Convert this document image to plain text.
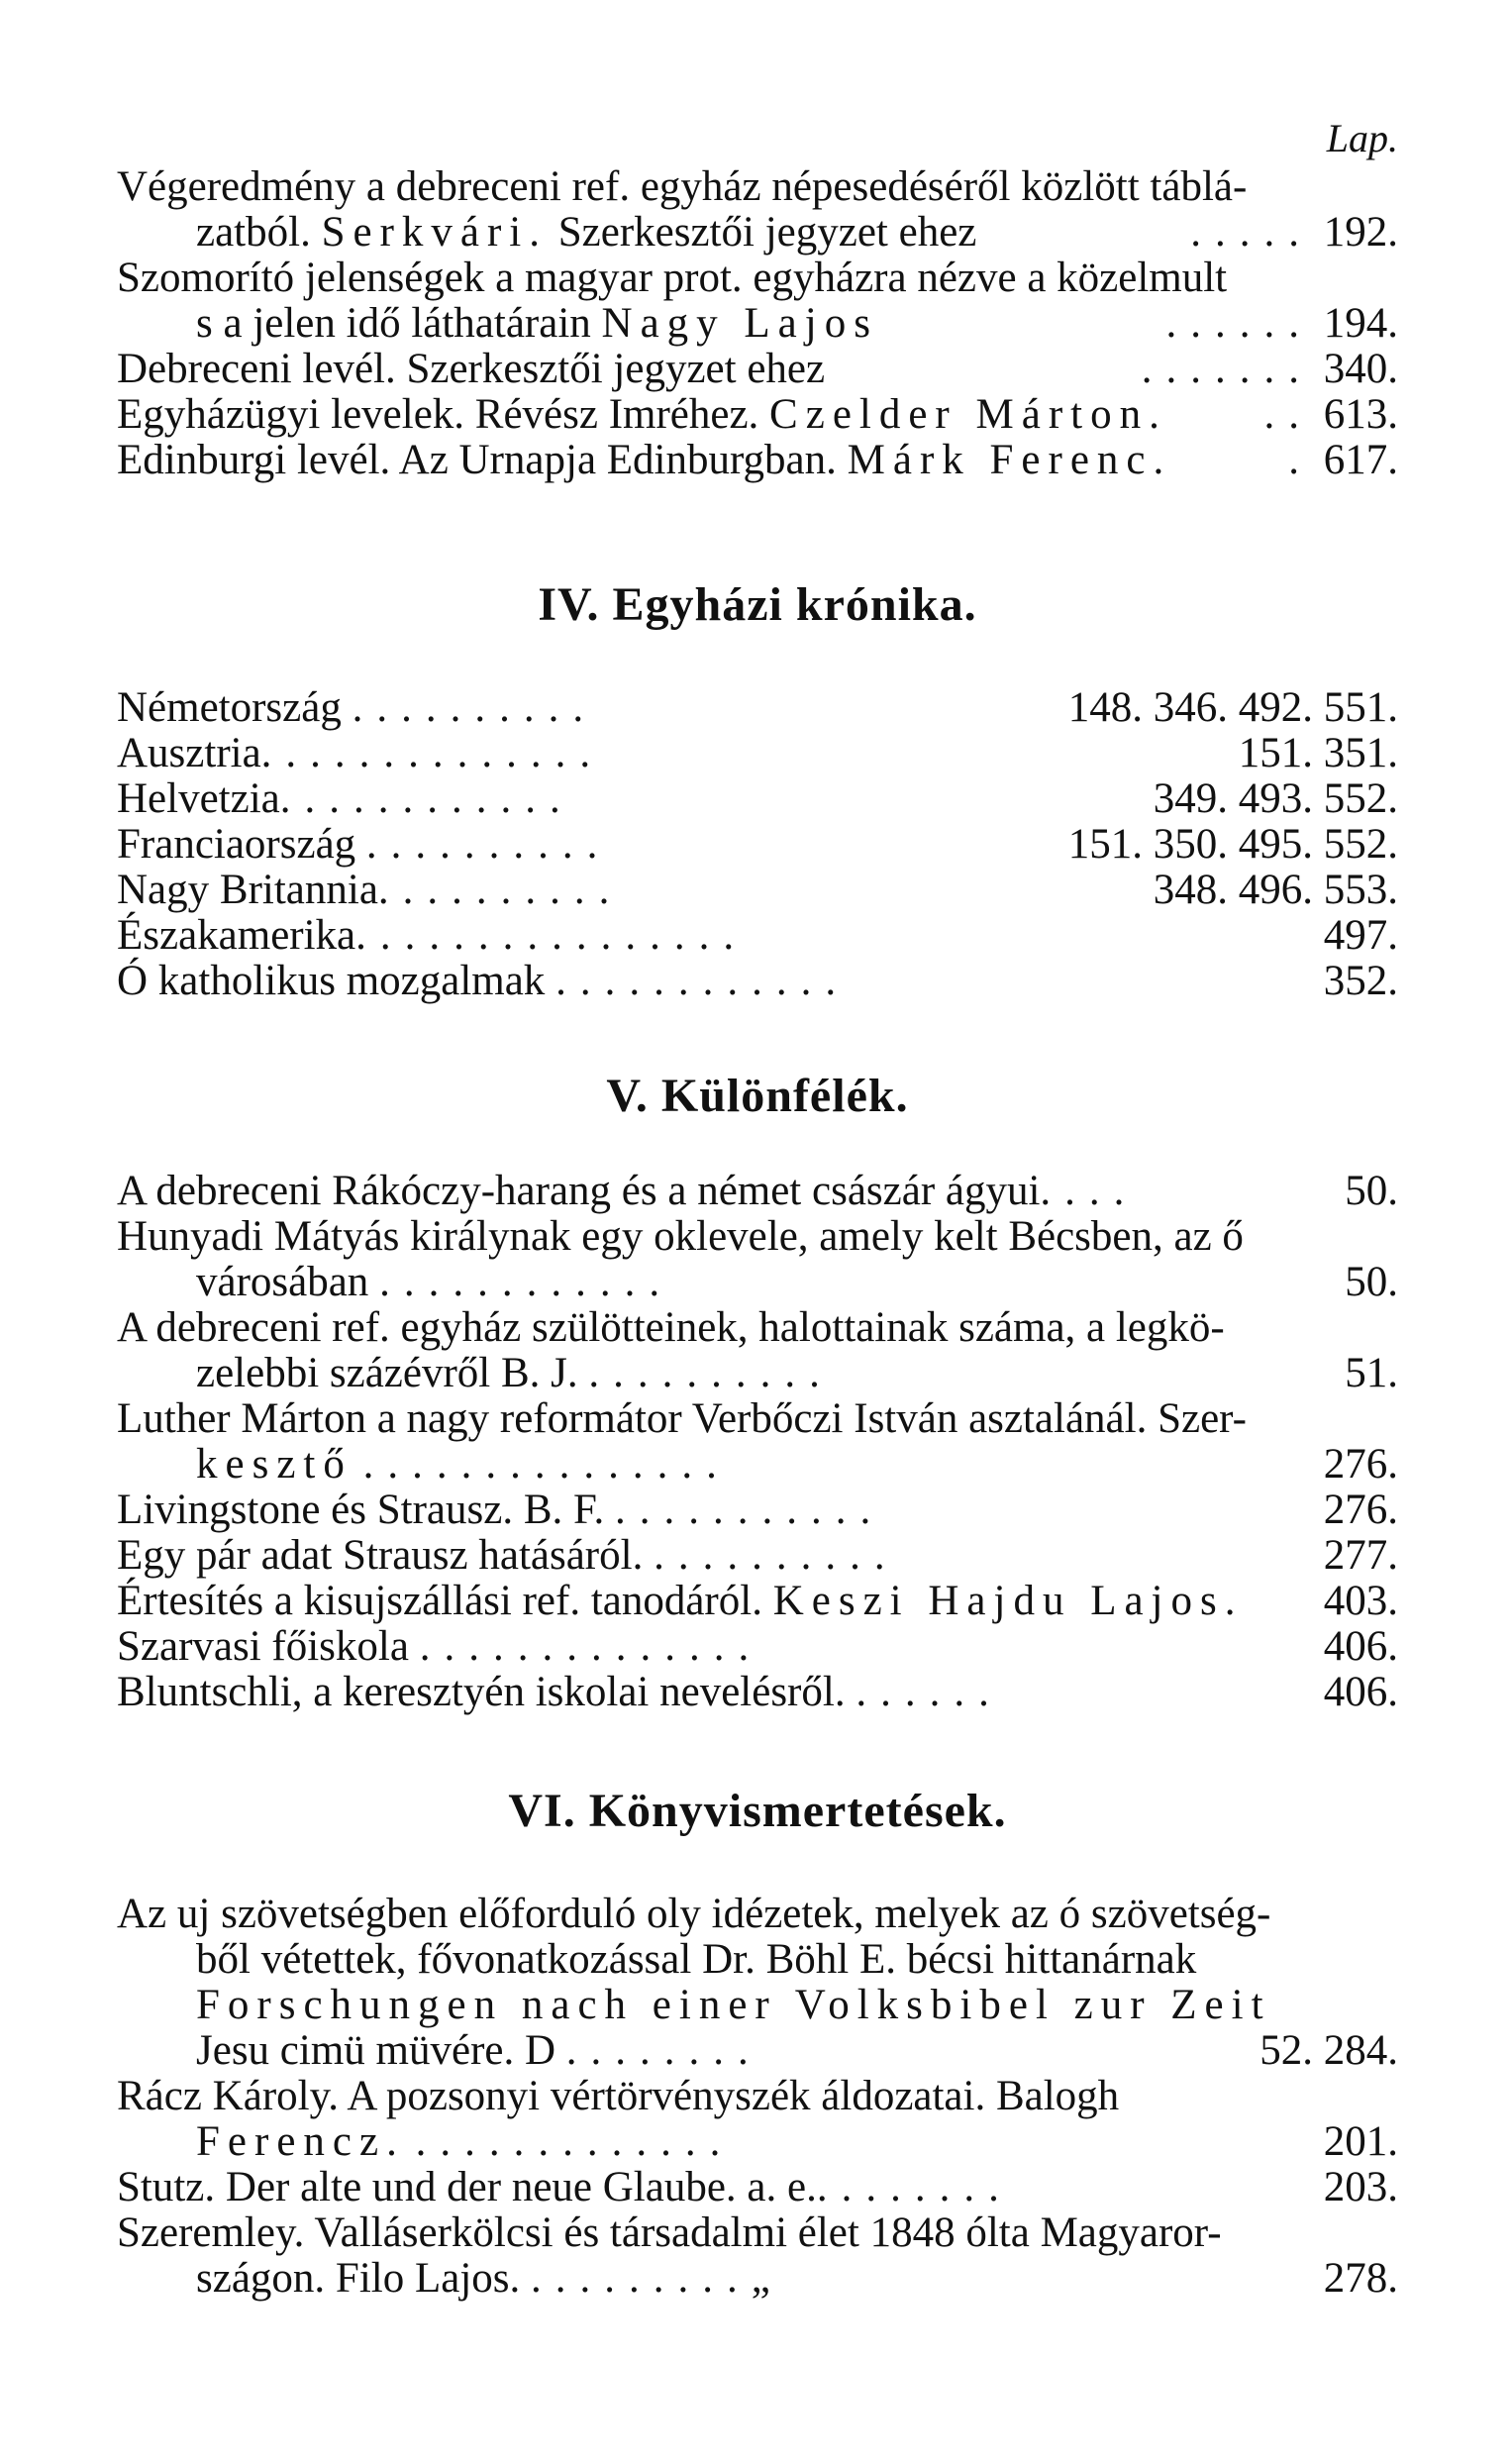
Lap.
Végeredmény a debreceni ref. egyház népesedéséről közlött táblá-
zatból. Serkvári. Szerkesztői jegyzet ehez	..... 192.
Szomorító jelenségek a magyar prot. egyházra nézve a közelmult
s a jelen idő láthatárain Nagy Lajos	...... 194.
Debreceni levél. Szerkesztői jegyzet ehez	....... 340.
Egyházügyi levelek. Révész Imréhez. Czelder Márton. .. 613.
Edinburgi levél. Az Urnapja Edinburgban. Márk Ferenc.	. 617.
IV. Egyházi krónika.
Németország ..........	148. 346. 492. 551.
Ausztria..............	151. 351.
Helvetzia............	349. 493. 552.
Franciaország ..........	151. 350. 495. 552.
Nagy Britannia..........	348. 496. 553.
Északamerika................	497.
Ó katholikus mozgalmak ............	352.
V. Különfélék.
A debreceni Rákóczy-harang és a német császár ágyui....	50.
Hunyadi Mátyás királynak egy oklevele, amely kelt Bécsben, az ő
városában ............	50.
A debreceni ref. egyház szülötteinek, halottainak száma, a legkö-
zelebbi százévről B. J. ..........	51.
Luther Márton a nagy reformátor Verbőczi István asztalánál. Szer-
kesztő ...............	276.
Livingstone és Strausz. B. F. ...........	276.
Egy pár adat Strausz hatásáról. ..........	277.
Értesítés a kisujszállási ref. tanodáról. Keszi Hajdu Lajos. 403.
Szarvasi főiskola ..............	406.
Bluntschli, a keresztyén iskolai nevelésről. ......	406.
VI. Könyvismertetések.
Az uj szövetségben előforduló oly idézetek, melyek az ó szövetség-
ből vétettek, fővonatkozással Dr. Böhl E. bécsi hittanárnak
Forschungen nach einer Volksbibel zur Zeit
Jesu cimü müvére. D ........	52. 284.
Rácz Károly. A pozsonyi vértörvényszék áldozatai. Balogh
Ferencz. .............	201.
Stutz. Der alte und der neue Glaube. a. e.........	203.
Szeremley. Valláserkölcsi és társadalmi élet 1848 ólta Magyaror-
szágon. Filo Lajos. .........„	278.
